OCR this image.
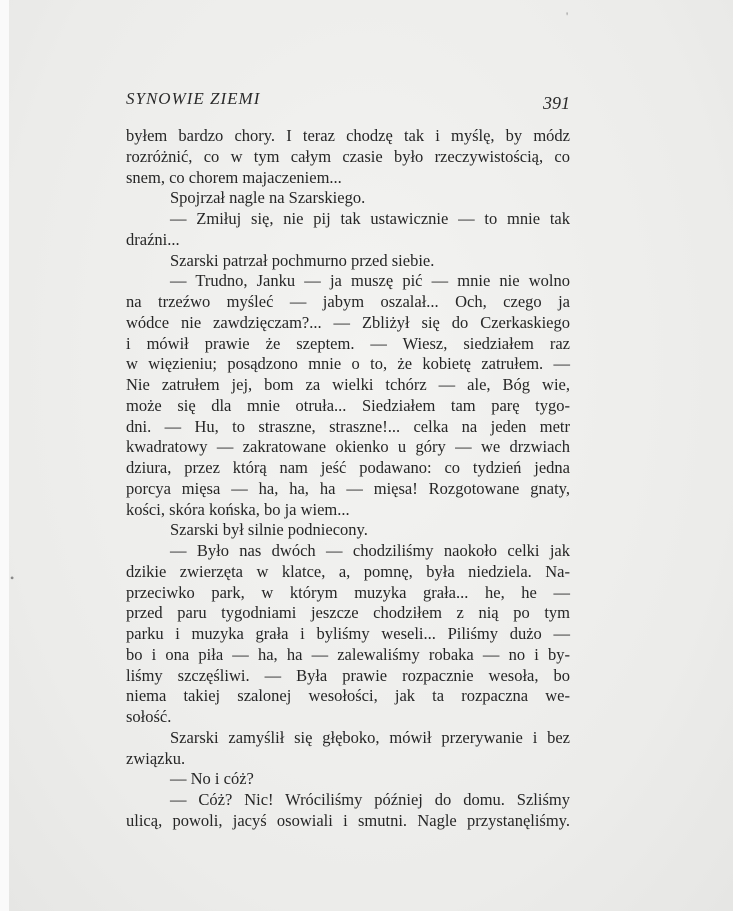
SYNOWIE ZIEMI	391
byłem bardzo chory. I teraz chodzę tak i myślę, by módz
rozróżnić, co w tym całym czasie było rzeczywistością, co
snem, co chorem majaczeniem...
Spojrzał nagle na Szarskiego.
— Zmiłuj się, nie pij tak ustawicznie — to mnie tak
draźni...
Szarski patrzał pochmurno przed siebie.
— Trudno, Janku — ja muszę pić — mnie nie wolno
na trzeźwo myśleć — jabym oszalał... Och, czego ja
wódce nie zawdzięczam?... — Zbliżył się do Czerkaskiego
i mówił prawie że szeptem. — Wiesz, siedziałem raz
w więzieniu; posądzono mnie o to, że kobietę zatrułem. —
Nie zatrułem jej, bom za wielki tchórz — ale, Bóg wie,
może się dla mnie otruła... Siedziałem tam parę tygo-
dni. — Hu, to straszne, straszne!... celka na jeden metr
kwadratowy — zakratowane okienko u góry — we drzwiach
dziura, przez którą nam jeść podawano: co tydzień jedna
porcya mięsa — ha, ha, ha — mięsa! Rozgotowane gnaty,
kości, skóra końska, bo ja wiem...
Szarski był silnie podniecony.
— Było nas dwóch — chodziliśmy naokoło celki jak
dzikie zwierzęta w klatce, a, pomnę, była niedziela. Na-
przeciwko park, w którym muzyka grała... he, he —
przed paru tygodniami jeszcze chodziłem z nią po tym
parku i muzyka grała i byliśmy weseli... Piliśmy dużo —
bo i ona piła — ha, ha — zalewaliśmy robaka — no i by-
liśmy szczęśliwi. — Była prawie rozpacznie wesoła, bo
niema takiej szalonej wesołości, jak ta rozpaczna we-
sołość.
Szarski zamyślił się głęboko, mówił przerywanie i bez
związku.
— No i cóż?
— Cóż? Nic! Wróciliśmy później do domu. Szliśmy
ulicą, powoli, jacyś osowiali i smutni. Nagle przystanęliśmy.
•
'
